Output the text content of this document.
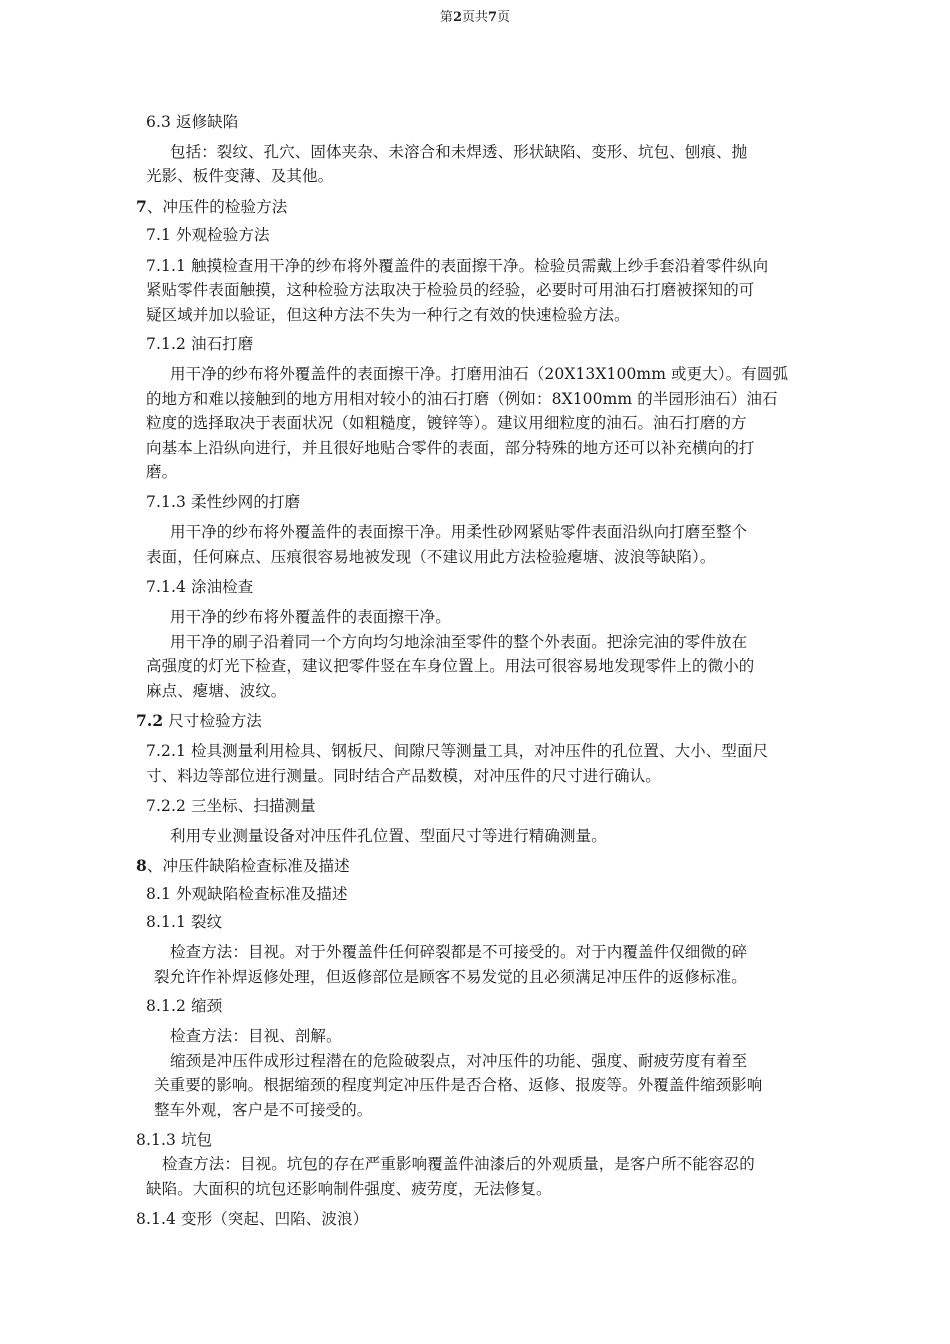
第2页共7页
6.3 返修缺陷
包括：裂纹、孔穴、固体夹杂、未溶合和未焊透、形状缺陷、变形、坑包、刨痕、抛
光影、板件变薄、及其他。
7、冲压件的检验方法
7.1 外观检验方法
7.1.1 触摸检查用干净的纱布将外覆盖件的表面擦干净。检验员需戴上纱手套沿着零件纵向
紧贴零件表面触摸，这种检验方法取决于检验员的经验，必要时可用油石打磨被探知的可
疑区域并加以验证，但这种方法不失为一种行之有效的快速检验方法。
7.1.2 油石打磨
用干净的纱布将外覆盖件的表面擦干净。打磨用油石（20X13X100mm 或更大）。有圆弧
的地方和难以接触到的地方用相对较小的油石打磨（例如：8X100mm 的半园形油石）油石
粒度的选择取决于表面状况（如粗糙度，镀锌等）。建议用细粒度的油石。油石打磨的方
向基本上沿纵向进行，并且很好地贴合零件的表面，部分特殊的地方还可以补充横向的打
磨。
7.1.3 柔性纱网的打磨
用干净的纱布将外覆盖件的表面擦干净。用柔性砂网紧贴零件表面沿纵向打磨至整个
表面，任何麻点、压痕很容易地被发现（不建议用此方法检验瘪塘、波浪等缺陷）。
7.1.4 涂油检查
用干净的纱布将外覆盖件的表面擦干净。
用干净的刷子沿着同一个方向均匀地涂油至零件的整个外表面。把涂完油的零件放在
高强度的灯光下检查，建议把零件竖在车身位置上。用法可很容易地发现零件上的微小的
麻点、瘪塘、波纹。
7.2 尺寸检验方法
7.2.1 检具测量利用检具、钢板尺、间隙尺等测量工具，对冲压件的孔位置、大小、型面尺
寸、料边等部位进行测量。同时结合产品数模，对冲压件的尺寸进行确认。
7.2.2 三坐标、扫描测量
利用专业测量设备对冲压件孔位置、型面尺寸等进行精确测量。
8、冲压件缺陷检查标准及描述
8.1 外观缺陷检查标准及描述
8.1.1 裂纹
检查方法：目视。对于外覆盖件任何碎裂都是不可接受的。对于内覆盖件仅细微的碎
裂允许作补焊返修处理，但返修部位是顾客不易发觉的且必须满足冲压件的返修标准。
8.1.2 缩颈
检查方法：目视、剖解。
缩颈是冲压件成形过程潜在的危险破裂点，对冲压件的功能、强度、耐疲劳度有着至
关重要的影响。根据缩颈的程度判定冲压件是否合格、返修、报废等。外覆盖件缩颈影响
整车外观，客户是不可接受的。
8.1.3 坑包
检查方法：目视。坑包的存在严重影响覆盖件油漆后的外观质量，是客户所不能容忍的
缺陷。大面积的坑包还影响制件强度、疲劳度，无法修复。
8.1.4 变形（突起、凹陷、波浪）
